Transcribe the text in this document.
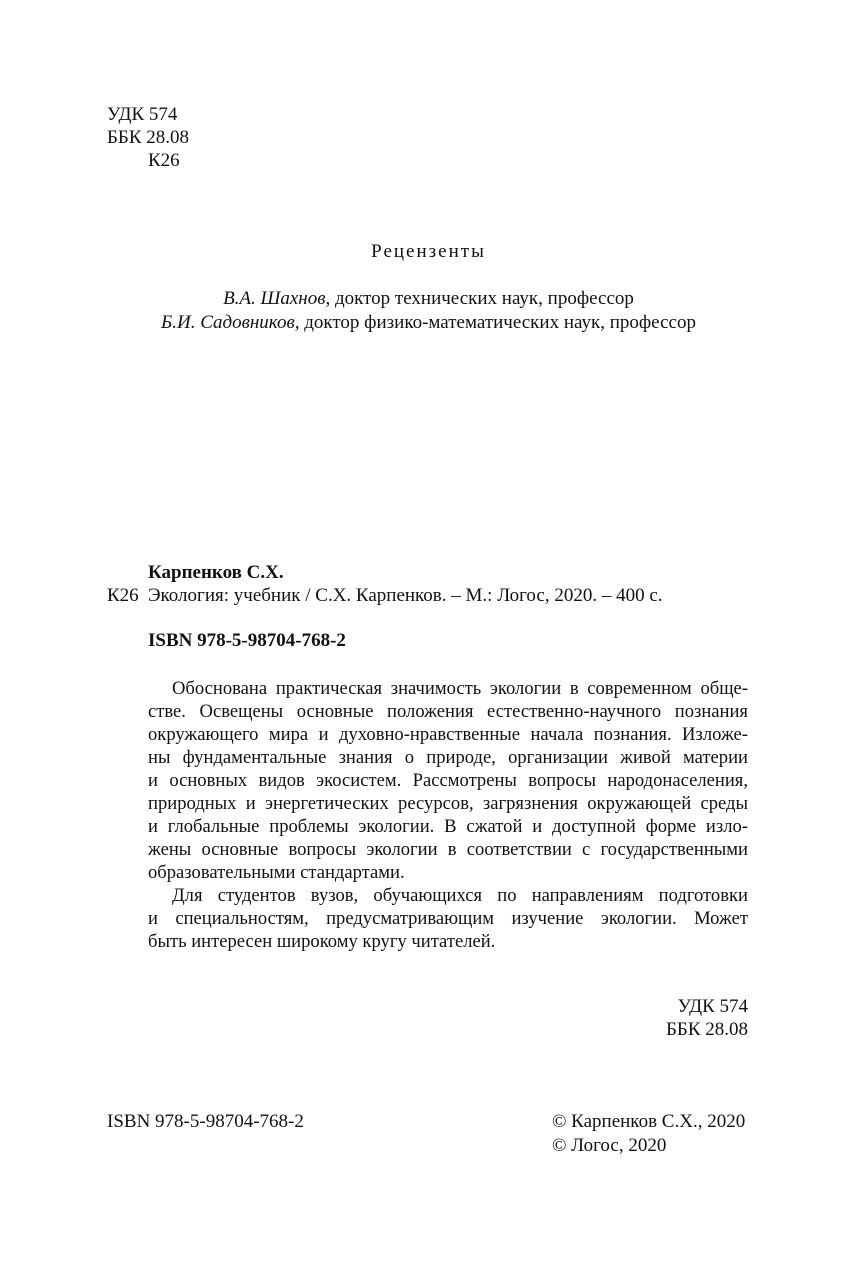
УДК 574
ББК 28.08
К26
Рецензенты
В.А. Шахнов, доктор технических наук, профессор
Б.И. Садовников, доктор физико-математических наук, профессор
Карпенков С.Х.
К26 Экология: учебник / С.Х. Карпенков. – М.: Логос, 2020. – 400 с.
ISBN 978-5-98704-768-2
Обоснована практическая значимость экологии в современном обще-
стве. Освещены основные положения естественно-научного познания
окружающего мира и духовно-нравственные начала познания. Изложе-
ны фундаментальные знания о природе, организации живой материи
и основных видов экосистем. Рассмотрены вопросы народонаселения,
природных и энергетических ресурсов, загрязнения окружающей среды
и глобальные проблемы экологии. В сжатой и доступной форме изло-
жены основные вопросы экологии в соответствии с государственными
образовательными стандартами.
Для студентов вузов, обучающихся по направлениям подготовки
и специальностям, предусматривающим изучение экологии. Может
быть интересен широкому кругу читателей.
УДК 574
ББК 28.08
ISBN 978-5-98704-768-2	© Карпенков С.Х., 2020
© Логос, 2020
